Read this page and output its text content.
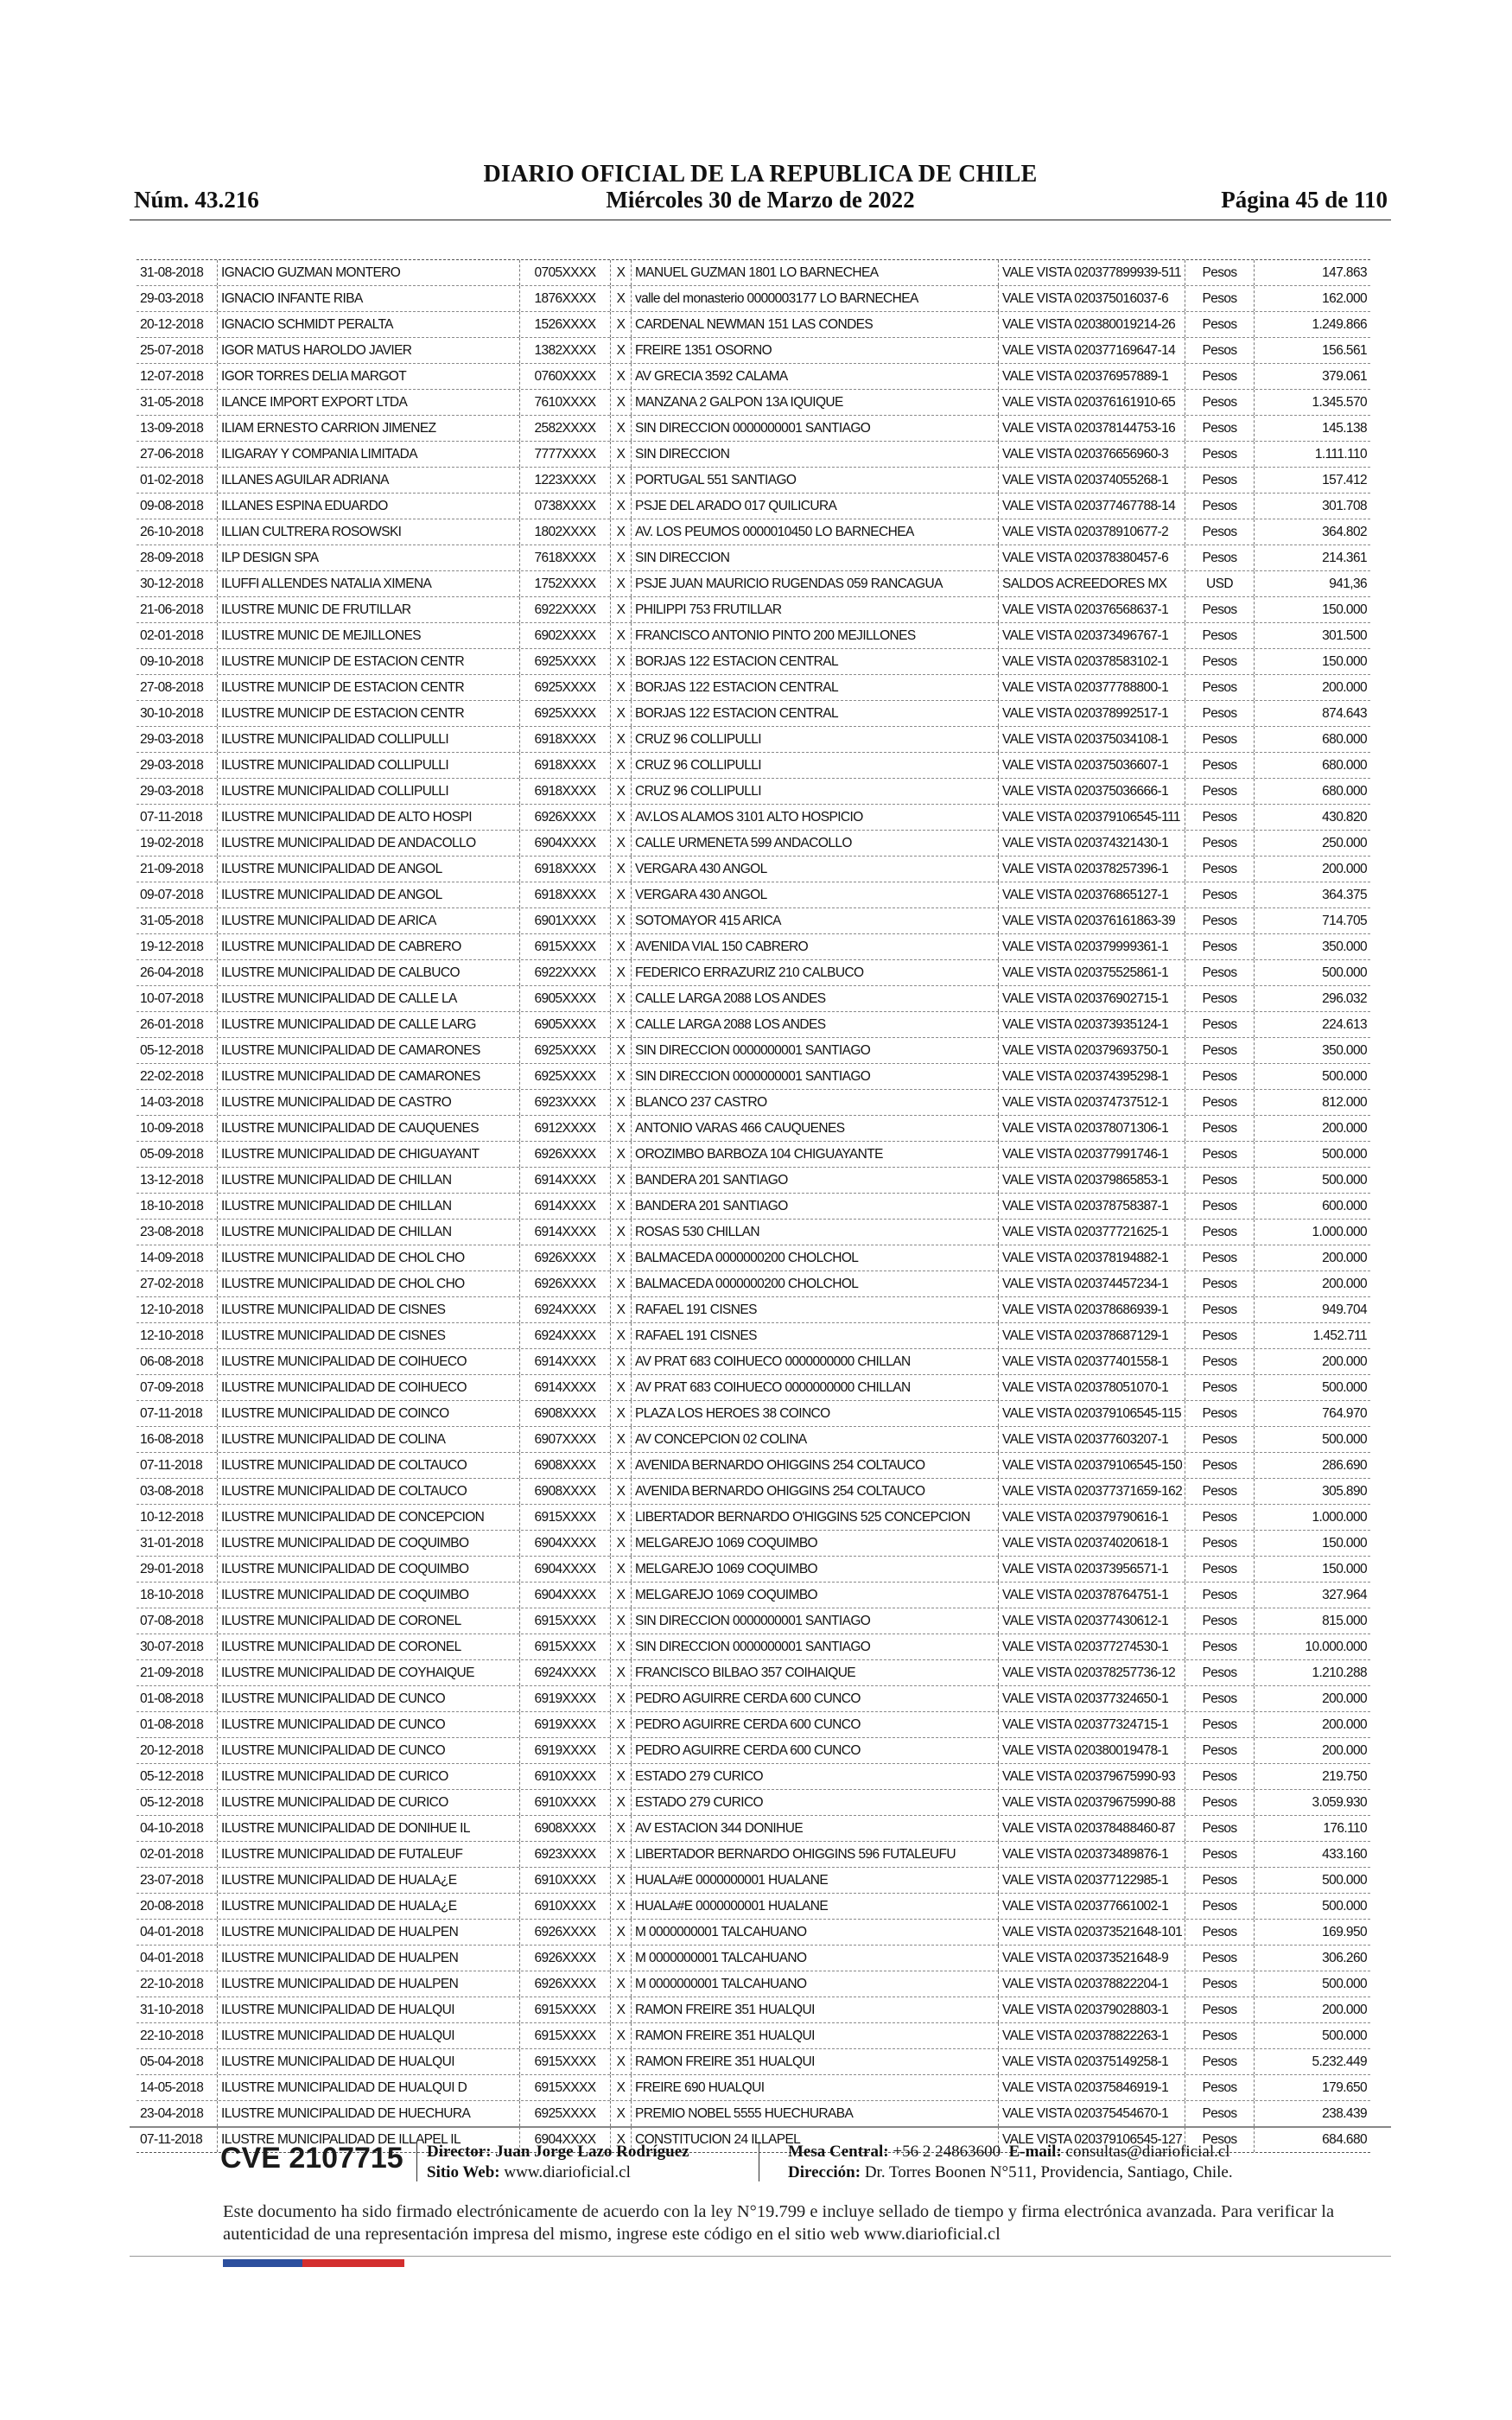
Núm. 43.216
DIARIO OFICIAL DE LA REPUBLICA DE CHILE
Miércoles 30 de Marzo de 2022	Página 45 de 110
31-08-2018	IGNACIO GUZMAN MONTERO	0705XXXX	X MANUEL GUZMAN 1801 LO BARNECHEA	VALE VISTA 020377899939-511	Pesos	147.863
29-03-2018	IGNACIO INFANTE RIBA	1876XXXX	X valle del monasterio 0000003177 LO BARNECHEA	VALE VISTA 020375016037-6	Pesos	162.000
20-12-2018	IGNACIO SCHMIDT PERALTA	1526XXXX	X CARDENAL NEWMAN 151 LAS CONDES	VALE VISTA 020380019214-26	Pesos	1.249.866
25-07-2018	IGOR MATUS HAROLDO JAVIER	1382XXXX	X FREIRE 1351 OSORNO	VALE VISTA 020377169647-14	Pesos	156.561
12-07-2018	IGOR TORRES DELIA MARGOT	0760XXXX	X AV GRECIA 3592 CALAMA	VALE VISTA 020376957889-1	Pesos	379.061
31-05-2018	ILANCE IMPORT EXPORT LTDA	7610XXXX	X MANZANA 2 GALPON 13A IQUIQUE	VALE VISTA 020376161910-65	Pesos	1.345.570
13-09-2018	ILIAM ERNESTO CARRION JIMENEZ	2582XXXX	X SIN DIRECCION 0000000001 SANTIAGO	VALE VISTA 020378144753-16	Pesos	145.138
27-06-2018	ILIGARAY Y COMPANIA LIMITADA	7777XXXX	X SIN DIRECCION	VALE VISTA 020376656960-3	Pesos	1.111.110
01-02-2018	ILLANES AGUILAR ADRIANA	1223XXXX	X PORTUGAL 551 SANTIAGO	VALE VISTA 020374055268-1	Pesos	157.412
09-08-2018	ILLANES ESPINA EDUARDO	0738XXXX	X PSJE DEL ARADO 017 QUILICURA	VALE VISTA 020377467788-14	Pesos	301.708
26-10-2018	ILLIAN CULTRERA ROSOWSKI	1802XXXX	X AV. LOS PEUMOS 0000010450 LO BARNECHEA	VALE VISTA 020378910677-2	Pesos	364.802
28-09-2018	ILP DESIGN SPA	7618XXXX	X SIN DIRECCION	VALE VISTA 020378380457-6	Pesos	214.361
30-12-2018	ILUFFI ALLENDES NATALIA XIMENA	1752XXXX	X PSJE JUAN MAURICIO RUGENDAS 059 RANCAGUA	SALDOS ACREEDORES MX	USD	941,36
21-06-2018	ILUSTRE MUNIC DE FRUTILLAR	6922XXXX	X PHILIPPI 753 FRUTILLAR	VALE VISTA 020376568637-1	Pesos	150.000
02-01-2018	ILUSTRE MUNIC DE MEJILLONES	6902XXXX	X FRANCISCO ANTONIO PINTO 200 MEJILLONES	VALE VISTA 020373496767-1	Pesos	301.500
09-10-2018	ILUSTRE MUNICIP DE ESTACION CENTR	6925XXXX	X BORJAS 122 ESTACION CENTRAL	VALE VISTA 020378583102-1	Pesos	150.000
27-08-2018	ILUSTRE MUNICIP DE ESTACION CENTR	6925XXXX	X BORJAS 122 ESTACION CENTRAL	VALE VISTA 020377788800-1	Pesos	200.000
30-10-2018	ILUSTRE MUNICIP DE ESTACION CENTR	6925XXXX	X BORJAS 122 ESTACION CENTRAL	VALE VISTA 020378992517-1	Pesos	874.643
29-03-2018	ILUSTRE MUNICIPALIDAD COLLIPULLI	6918XXXX	X CRUZ 96 COLLIPULLI	VALE VISTA 020375034108-1	Pesos	680.000
29-03-2018	ILUSTRE MUNICIPALIDAD COLLIPULLI	6918XXXX	X CRUZ 96 COLLIPULLI	VALE VISTA 020375036607-1	Pesos	680.000
29-03-2018	ILUSTRE MUNICIPALIDAD COLLIPULLI	6918XXXX	X CRUZ 96 COLLIPULLI	VALE VISTA 020375036666-1	Pesos	680.000
07-11-2018	ILUSTRE MUNICIPALIDAD DE ALTO HOSPI	6926XXXX	X AV.LOS ALAMOS 3101 ALTO HOSPICIO	VALE VISTA 020379106545-111	Pesos	430.820
19-02-2018	ILUSTRE MUNICIPALIDAD DE ANDACOLLO	6904XXXX	X CALLE URMENETA 599 ANDACOLLO	VALE VISTA 020374321430-1	Pesos	250.000
21-09-2018	ILUSTRE MUNICIPALIDAD DE ANGOL	6918XXXX	X VERGARA 430 ANGOL	VALE VISTA 020378257396-1	Pesos	200.000
09-07-2018	ILUSTRE MUNICIPALIDAD DE ANGOL	6918XXXX	X VERGARA 430 ANGOL	VALE VISTA 020376865127-1	Pesos	364.375
31-05-2018	ILUSTRE MUNICIPALIDAD DE ARICA	6901XXXX	X SOTOMAYOR 415 ARICA	VALE VISTA 020376161863-39	Pesos	714.705
19-12-2018	ILUSTRE MUNICIPALIDAD DE CABRERO	6915XXXX	X AVENIDA VIAL 150 CABRERO	VALE VISTA 020379999361-1	Pesos	350.000
26-04-2018	ILUSTRE MUNICIPALIDAD DE CALBUCO	6922XXXX	X FEDERICO ERRAZURIZ 210 CALBUCO	VALE VISTA 020375525861-1	Pesos	500.000
10-07-2018	ILUSTRE MUNICIPALIDAD DE CALLE LA	6905XXXX	X CALLE LARGA 2088 LOS ANDES	VALE VISTA 020376902715-1	Pesos	296.032
26-01-2018	ILUSTRE MUNICIPALIDAD DE CALLE LARG	6905XXXX	X CALLE LARGA 2088 LOS ANDES	VALE VISTA 020373935124-1	Pesos	224.613
05-12-2018	ILUSTRE MUNICIPALIDAD DE CAMARONES	6925XXXX	X SIN DIRECCION 0000000001 SANTIAGO	VALE VISTA 020379693750-1	Pesos	350.000
22-02-2018	ILUSTRE MUNICIPALIDAD DE CAMARONES	6925XXXX	X SIN DIRECCION 0000000001 SANTIAGO	VALE VISTA 020374395298-1	Pesos	500.000
14-03-2018	ILUSTRE MUNICIPALIDAD DE CASTRO	6923XXXX	X BLANCO 237 CASTRO	VALE VISTA 020374737512-1	Pesos	812.000
10-09-2018	ILUSTRE MUNICIPALIDAD DE CAUQUENES	6912XXXX	X ANTONIO VARAS 466 CAUQUENES	VALE VISTA 020378071306-1	Pesos	200.000
05-09-2018	ILUSTRE MUNICIPALIDAD DE CHIGUAYANT	6926XXXX	X OROZIMBO BARBOZA 104 CHIGUAYANTE	VALE VISTA 020377991746-1	Pesos	500.000
13-12-2018	ILUSTRE MUNICIPALIDAD DE CHILLAN	6914XXXX	X BANDERA 201 SANTIAGO	VALE VISTA 020379865853-1	Pesos	500.000
18-10-2018	ILUSTRE MUNICIPALIDAD DE CHILLAN	6914XXXX	X BANDERA 201 SANTIAGO	VALE VISTA 020378758387-1	Pesos	600.000
23-08-2018	ILUSTRE MUNICIPALIDAD DE CHILLAN	6914XXXX	X ROSAS 530 CHILLAN	VALE VISTA 020377721625-1	Pesos	1.000.000
14-09-2018	ILUSTRE MUNICIPALIDAD DE CHOL CHO	6926XXXX	X BALMACEDA 0000000200 CHOLCHOL	VALE VISTA 020378194882-1	Pesos	200.000
27-02-2018	ILUSTRE MUNICIPALIDAD DE CHOL CHO	6926XXXX	X BALMACEDA 0000000200 CHOLCHOL	VALE VISTA 020374457234-1	Pesos	200.000
12-10-2018	ILUSTRE MUNICIPALIDAD DE CISNES	6924XXXX	X RAFAEL 191 CISNES	VALE VISTA 020378686939-1	Pesos	949.704
12-10-2018	ILUSTRE MUNICIPALIDAD DE CISNES	6924XXXX	X RAFAEL 191 CISNES	VALE VISTA 020378687129-1	Pesos	1.452.711
06-08-2018	ILUSTRE MUNICIPALIDAD DE COIHUECO	6914XXXX	X AV PRAT 683 COIHUECO 0000000000 CHILLAN	VALE VISTA 020377401558-1	Pesos	200.000
07-09-2018	ILUSTRE MUNICIPALIDAD DE COIHUECO	6914XXXX	X AV PRAT 683 COIHUECO 0000000000 CHILLAN	VALE VISTA 020378051070-1	Pesos	500.000
07-11-2018	ILUSTRE MUNICIPALIDAD DE COINCO	6908XXXX	X PLAZA LOS HEROES 38 COINCO	VALE VISTA 020379106545-115	Pesos	764.970
16-08-2018	ILUSTRE MUNICIPALIDAD DE COLINA	6907XXXX	X AV CONCEPCION 02 COLINA	VALE VISTA 020377603207-1	Pesos	500.000
07-11-2018	ILUSTRE MUNICIPALIDAD DE COLTAUCO	6908XXXX	X AVENIDA BERNARDO OHIGGINS 254 COLTAUCO	VALE VISTA 020379106545-150	Pesos	286.690
03-08-2018	ILUSTRE MUNICIPALIDAD DE COLTAUCO	6908XXXX	X AVENIDA BERNARDO OHIGGINS 254 COLTAUCO	VALE VISTA 020377371659-162	Pesos	305.890
10-12-2018	ILUSTRE MUNICIPALIDAD DE CONCEPCION	6915XXXX	X LIBERTADOR BERNARDO O'HIGGINS 525 CONCEPCION	VALE VISTA 020379790616-1	Pesos	1.000.000
31-01-2018	ILUSTRE MUNICIPALIDAD DE COQUIMBO	6904XXXX	X MELGAREJO 1069 COQUIMBO	VALE VISTA 020374020618-1	Pesos	150.000
29-01-2018	ILUSTRE MUNICIPALIDAD DE COQUIMBO	6904XXXX	X MELGAREJO 1069 COQUIMBO	VALE VISTA 020373956571-1	Pesos	150.000
18-10-2018	ILUSTRE MUNICIPALIDAD DE COQUIMBO	6904XXXX	X MELGAREJO 1069 COQUIMBO	VALE VISTA 020378764751-1	Pesos	327.964
07-08-2018	ILUSTRE MUNICIPALIDAD DE CORONEL	6915XXXX	X SIN DIRECCION 0000000001 SANTIAGO	VALE VISTA 020377430612-1	Pesos	815.000
30-07-2018	ILUSTRE MUNICIPALIDAD DE CORONEL	6915XXXX	X SIN DIRECCION 0000000001 SANTIAGO	VALE VISTA 020377274530-1	Pesos	10.000.000
21-09-2018	ILUSTRE MUNICIPALIDAD DE COYHAIQUE	6924XXXX	X FRANCISCO BILBAO 357 COIHAIQUE	VALE VISTA 020378257736-12	Pesos	1.210.288
01-08-2018	ILUSTRE MUNICIPALIDAD DE CUNCO	6919XXXX	X PEDRO AGUIRRE CERDA 600 CUNCO	VALE VISTA 020377324650-1	Pesos	200.000
01-08-2018	ILUSTRE MUNICIPALIDAD DE CUNCO	6919XXXX	X PEDRO AGUIRRE CERDA 600 CUNCO	VALE VISTA 020377324715-1	Pesos	200.000
20-12-2018	ILUSTRE MUNICIPALIDAD DE CUNCO	6919XXXX	X PEDRO AGUIRRE CERDA 600 CUNCO	VALE VISTA 020380019478-1	Pesos	200.000
05-12-2018	ILUSTRE MUNICIPALIDAD DE CURICO	6910XXXX	X ESTADO 279 CURICO	VALE VISTA 020379675990-93	Pesos	219.750
05-12-2018	ILUSTRE MUNICIPALIDAD DE CURICO	6910XXXX	X ESTADO 279 CURICO	VALE VISTA 020379675990-88	Pesos	3.059.930
04-10-2018	ILUSTRE MUNICIPALIDAD DE DONIHUE IL	6908XXXX	X AV ESTACION 344 DONIHUE	VALE VISTA 020378488460-87	Pesos	176.110
02-01-2018	ILUSTRE MUNICIPALIDAD DE FUTALEUF	6923XXXX	X LIBERTADOR BERNARDO OHIGGINS 596 FUTALEUFU	VALE VISTA 020373489876-1	Pesos	433.160
23-07-2018	ILUSTRE MUNICIPALIDAD DE HUALA¿E	6910XXXX	X HUALA#E 0000000001 HUALANE	VALE VISTA 020377122985-1	Pesos	500.000
20-08-2018	ILUSTRE MUNICIPALIDAD DE HUALA¿E	6910XXXX	X HUALA#E 0000000001 HUALANE	VALE VISTA 020377661002-1	Pesos	500.000
04-01-2018	ILUSTRE MUNICIPALIDAD DE HUALPEN	6926XXXX	X M 0000000001 TALCAHUANO	VALE VISTA 020373521648-101	Pesos	169.950
04-01-2018	ILUSTRE MUNICIPALIDAD DE HUALPEN	6926XXXX	X M 0000000001 TALCAHUANO	VALE VISTA 020373521648-9	Pesos	306.260
22-10-2018	ILUSTRE MUNICIPALIDAD DE HUALPEN	6926XXXX	X M 0000000001 TALCAHUANO	VALE VISTA 020378822204-1	Pesos	500.000
31-10-2018	ILUSTRE MUNICIPALIDAD DE HUALQUI	6915XXXX	X RAMON FREIRE 351 HUALQUI	VALE VISTA 020379028803-1	Pesos	200.000
22-10-2018	ILUSTRE MUNICIPALIDAD DE HUALQUI	6915XXXX	X RAMON FREIRE 351 HUALQUI	VALE VISTA 020378822263-1	Pesos	500.000
05-04-2018	ILUSTRE MUNICIPALIDAD DE HUALQUI	6915XXXX	X RAMON FREIRE 351 HUALQUI	VALE VISTA 020375149258-1	Pesos	5.232.449
14-05-2018	ILUSTRE MUNICIPALIDAD DE HUALQUI D	6915XXXX	X FREIRE 690 HUALQUI	VALE VISTA 020375846919-1	Pesos	179.650
23-04-2018	ILUSTRE MUNICIPALIDAD DE HUECHURA	6925XXXX	X PREMIO NOBEL 5555 HUECHURABA	VALE VISTA 020375454670-1	Pesos	238.439
07-11-2018	ILUSTRE MUNICIPALIDAD DE ILLAPEL IL	6904XXXX	X CONSTITUCION 24 ILLAPEL	VALE VISTA 020379106545-127	Pesos	684.680
CVE 2107715 Director: Juan Jorge Lazo Rodríguez
Sitio Web: www.diarioficial.cl
Mesa Central: +56 2 24863600 E-mail: consultas@diarioficial.cl
Dirección: Dr. Torres Boonen N°511, Providencia, Santiago, Chile.
Este documento ha sido firmado electrónicamente de acuerdo con la ley N°19.799 e incluye sellado de tiempo y firma electrónica avanzada. Para verificar la autenticidad de una representación impresa del mismo, ingrese este código en el sitio web www.diarioficial.cl
